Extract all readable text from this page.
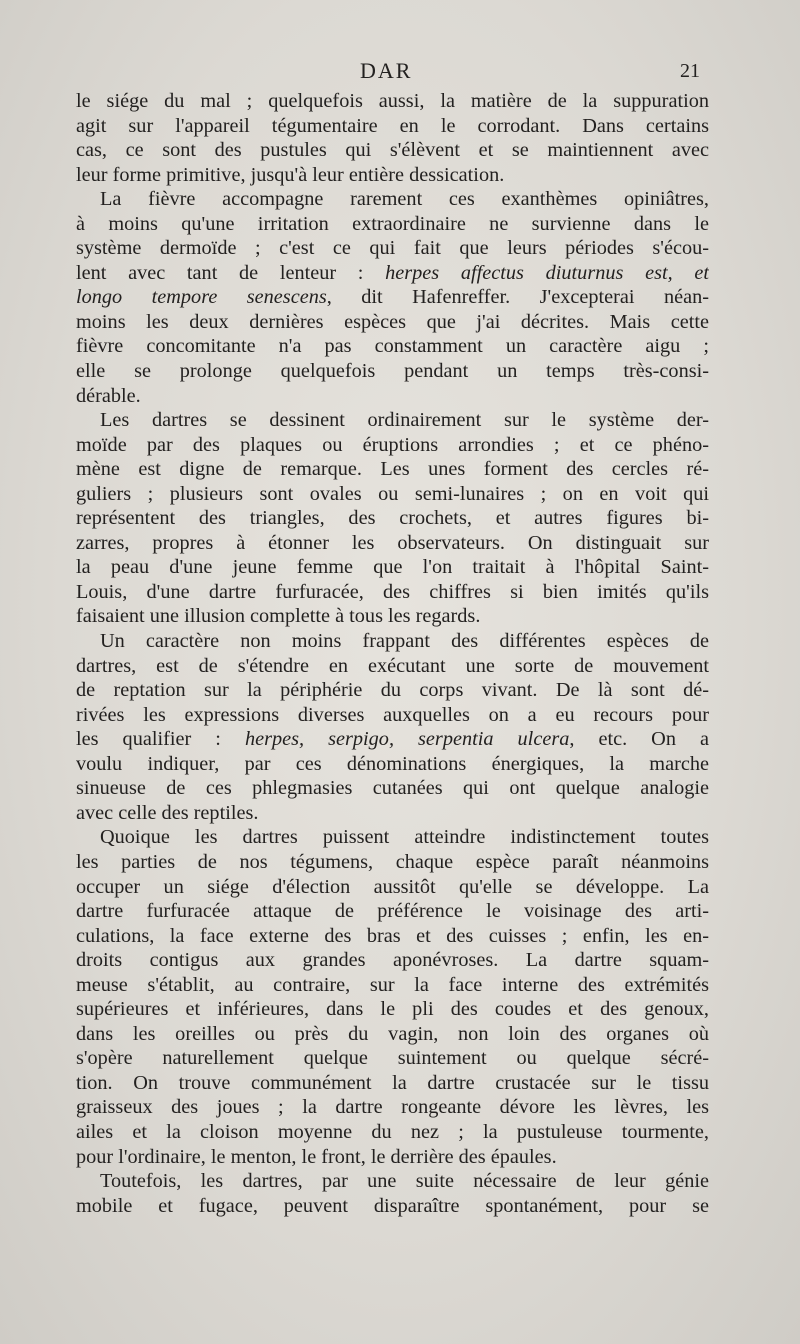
DAR	21
le siége du mal ; quelquefois aussi, la matière de la suppuration
agit sur l'appareil tégumentaire en le corrodant. Dans certains
cas, ce sont des pustules qui s'élèvent et se maintiennent avec
leur forme primitive, jusqu'à leur entière dessication.
La fièvre accompagne rarement ces exanthèmes opiniâtres,
à moins qu'une irritation extraordinaire ne survienne dans le
système dermoïde ; c'est ce qui fait que leurs périodes s'écou-
lent avec tant de lenteur : herpes affectus diuturnus est, et
longo tempore senescens, dit Hafenreffer. J'excepterai néan-
moins les deux dernières espèces que j'ai décrites. Mais cette
fièvre concomitante n'a pas constamment un caractère aigu ;
elle se prolonge quelquefois pendant un temps très-consi-
dérable.
Les dartres se dessinent ordinairement sur le système der-
moïde par des plaques ou éruptions arrondies ; et ce phéno-
mène est digne de remarque. Les unes forment des cercles ré-
guliers ; plusieurs sont ovales ou semi-lunaires ; on en voit qui
représentent des triangles, des crochets, et autres figures bi-
zarres, propres à étonner les observateurs. On distinguait sur
la peau d'une jeune femme que l'on traitait à l'hôpital Saint-
Louis, d'une dartre furfuracée, des chiffres si bien imités qu'ils
faisaient une illusion complette à tous les regards.
Un caractère non moins frappant des différentes espèces de
dartres, est de s'étendre en exécutant une sorte de mouvement
de reptation sur la périphérie du corps vivant. De là sont dé-
rivées les expressions diverses auxquelles on a eu recours pour
les qualifier : herpes, serpigo, serpentia ulcera, etc. On a
voulu indiquer, par ces dénominations énergiques, la marche
sinueuse de ces phlegmasies cutanées qui ont quelque analogie
avec celle des reptiles.
Quoique les dartres puissent atteindre indistinctement toutes
les parties de nos tégumens, chaque espèce paraît néanmoins
occuper un siége d'élection aussitôt qu'elle se développe. La
dartre furfuracée attaque de préférence le voisinage des arti-
culations, la face externe des bras et des cuisses ; enfin, les en-
droits contigus aux grandes aponévroses. La dartre squam-
meuse s'établit, au contraire, sur la face interne des extrémités
supérieures et inférieures, dans le pli des coudes et des genoux,
dans les oreilles ou près du vagin, non loin des organes où
s'opère naturellement quelque suintement ou quelque sécré-
tion. On trouve communément la dartre crustacée sur le tissu
graisseux des joues ; la dartre rongeante dévore les lèvres, les
ailes et la cloison moyenne du nez ; la pustuleuse tourmente,
pour l'ordinaire, le menton, le front, le derrière des épaules.
Toutefois, les dartres, par une suite nécessaire de leur génie
mobile et fugace, peuvent disparaître spontanément, pour se
